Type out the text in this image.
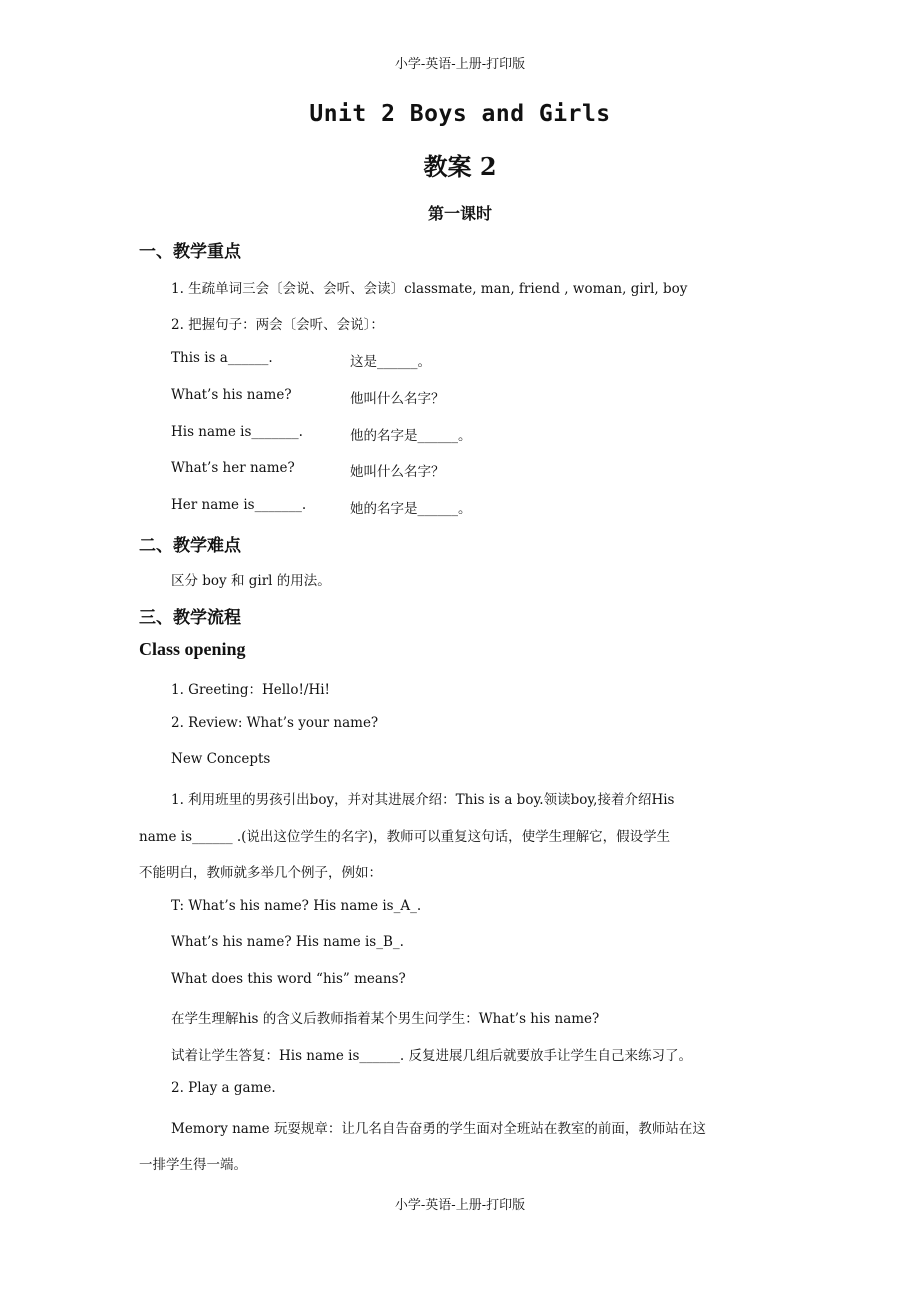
小学-英语-上册-打印版
Unit 2 Boys and Girls
教案 2
第一课时
一、教学重点
1. 生疏单词三会〔会说、会听、会读〕classmate, man, friend , woman, girl, boy
2. 把握句子：两会〔会听、会说〕：
This is a______.	这是______。
What’s his name?	他叫什么名字？
His name is_______.	他的名字是______。
What’s her name?	她叫什么名字？
Her name is_______.	她的名字是______。
二、教学难点
区分 boy 和 girl 的用法。
三、教学流程
Class opening
1. Greeting：Hello!/Hi!
2. Review: What’s your name?
New Concepts
1. 利用班里的男孩引出boy，并对其进展介绍：This is a boy.领读boy,接着介绍His
name is______ .(说出这位学生的名字)，教师可以重复这句话，使学生理解它，假设学生
不能明白，教师就多举几个例子，例如：
T: What’s his name? His name is_A_.
What’s his name? His name is_B_.
What does this word “his” means?
在学生理解his 的含义后教师指着某个男生问学生：What’s his name?
试着让学生答复：His name is______. 反复进展几组后就要放手让学生自己来练习了。
2. Play a game.
Memory name 玩耍规章：让几名自告奋勇的学生面对全班站在教室的前面，教师站在这
一排学生得一端。
小学-英语-上册-打印版
